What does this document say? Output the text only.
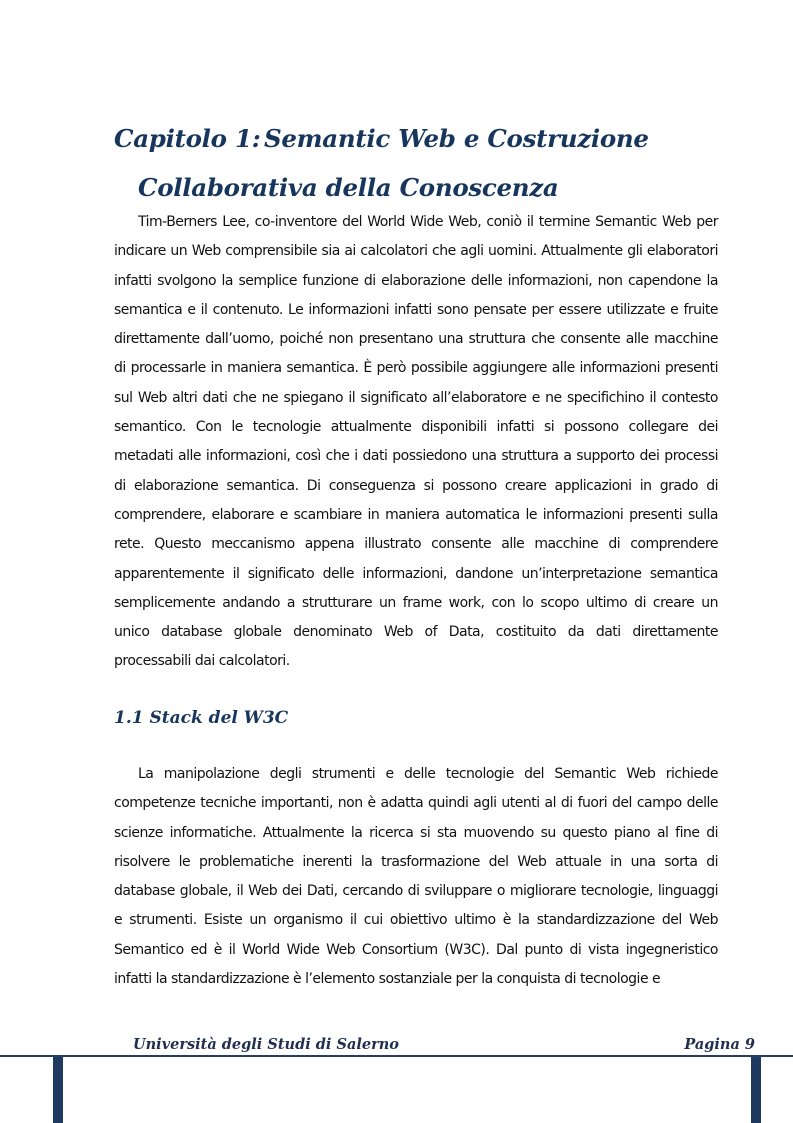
Capitolo 1: Semantic Web e Costruzione
Collaborativa della Conoscenza

Tim-Berners Lee, co-inventore del World Wide Web, coniò il termine Semantic Web per indicare un Web comprensibile sia ai calcolatori che agli uomini. Attualmente gli elaboratori infatti svolgono la semplice funzione di elaborazione delle informazioni, non capendone la semantica e il contenuto. Le informazioni infatti sono pensate per essere utilizzate e fruite direttamente dall’uomo, poiché non presentano una struttura che consente alle macchine di processarle in maniera semantica. È però possibile aggiungere alle informazioni presenti sul Web altri dati che ne spiegano il significato all’elaboratore e ne specifichino il contesto semantico. Con le tecnologie attualmente disponibili infatti si possono collegare dei metadati alle informazioni, così che i dati possiedono una struttura a supporto dei processi di elaborazione semantica. Di conseguenza si possono creare applicazioni in grado di comprendere, elaborare e scambiare in maniera automatica le informazioni presenti sulla rete. Questo meccanismo appena illustrato consente alle macchine di comprendere apparentemente il significato delle informazioni, dandone un’interpretazione semantica semplicemente andando a strutturare un frame work, con lo scopo ultimo di creare un unico database globale denominato Web of Data, costituito da dati direttamente processabili dai calcolatori.

1.1 Stack del W3C

La manipolazione degli strumenti e delle tecnologie del Semantic Web richiede competenze tecniche importanti, non è adatta quindi agli utenti al di fuori del campo delle scienze informatiche. Attualmente la ricerca si sta muovendo su questo piano al fine di risolvere le problematiche inerenti la trasformazione del Web attuale in una sorta di database globale, il Web dei Dati, cercando di sviluppare o migliorare tecnologie, linguaggi e strumenti. Esiste un organismo il cui obiettivo ultimo è la standardizzazione del Web Semantico ed è il World Wide Web Consortium (W3C). Dal punto di vista ingegneristico infatti la standardizzazione è l’elemento sostanziale per la conquista di tecnologie e

Università degli Studi di Salerno	Pagina 9
